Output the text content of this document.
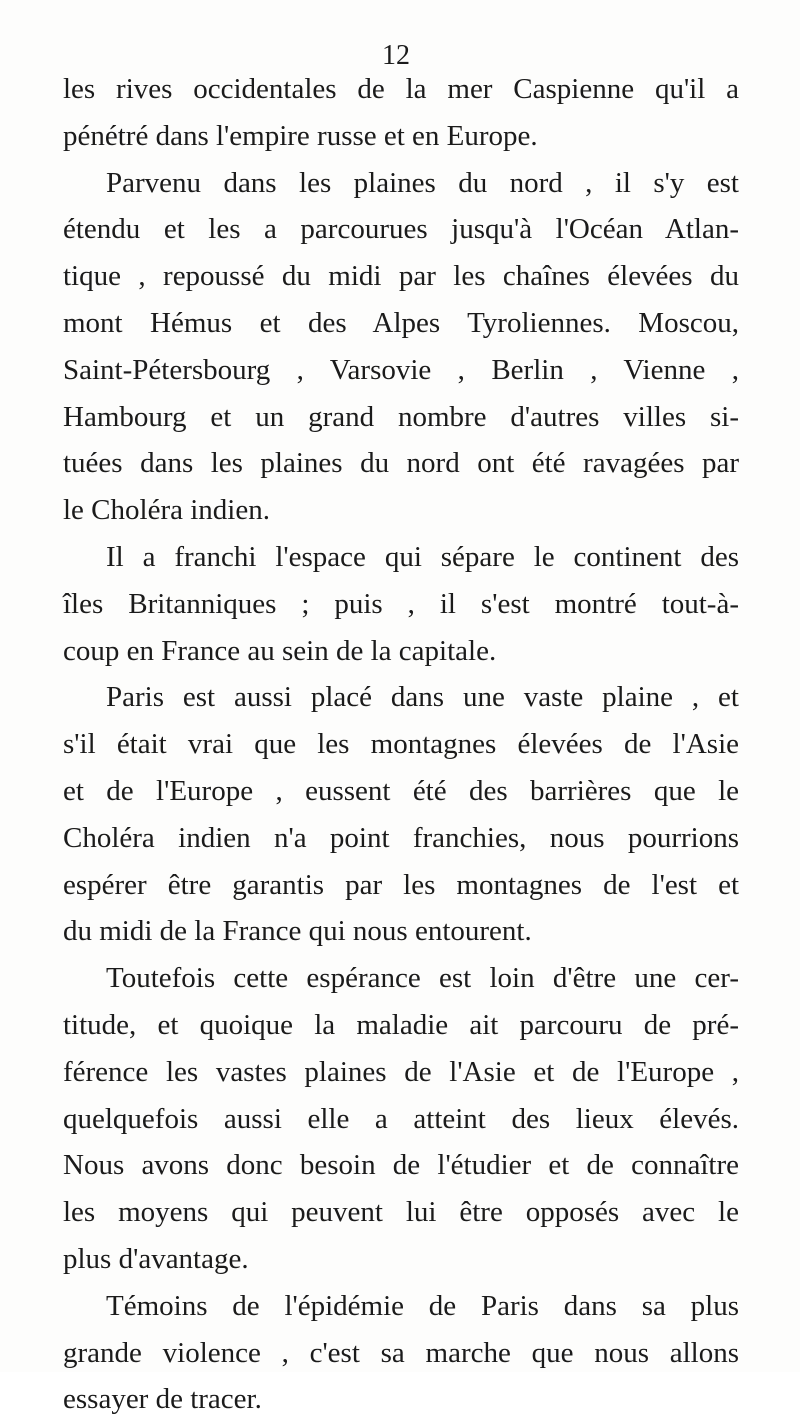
12
les rives occidentales de la mer Caspienne qu'il a
pénétré dans l'empire russe et en Europe.
Parvenu dans les plaines du nord , il s'y est
étendu et les a parcourues jusqu'à l'Océan Atlan-
tique , repoussé du midi par les chaînes élevées du
mont Hémus et des Alpes Tyroliennes. Moscou,
Saint-Pétersbourg , Varsovie , Berlin , Vienne ,
Hambourg et un grand nombre d'autres villes si-
tuées dans les plaines du nord ont été ravagées par
le Choléra indien.
Il a franchi l'espace qui sépare le continent des
îles Britanniques ; puis , il s'est montré tout-à-
coup en France au sein de la capitale.
Paris est aussi placé dans une vaste plaine , et
s'il était vrai que les montagnes élevées de l'Asie
et de l'Europe , eussent été des barrières que le
Choléra indien n'a point franchies, nous pourrions
espérer être garantis par les montagnes de l'est et
du midi de la France qui nous entourent.
Toutefois cette espérance est loin d'être une cer-
titude, et quoique la maladie ait parcouru de pré-
férence les vastes plaines de l'Asie et de l'Europe ,
quelquefois aussi elle a atteint des lieux élevés.
Nous avons donc besoin de l'étudier et de connaître
les moyens qui peuvent lui être opposés avec le
plus d'avantage.
Témoins de l'épidémie de Paris dans sa plus
grande violence , c'est sa marche que nous allons
essayer de tracer.
